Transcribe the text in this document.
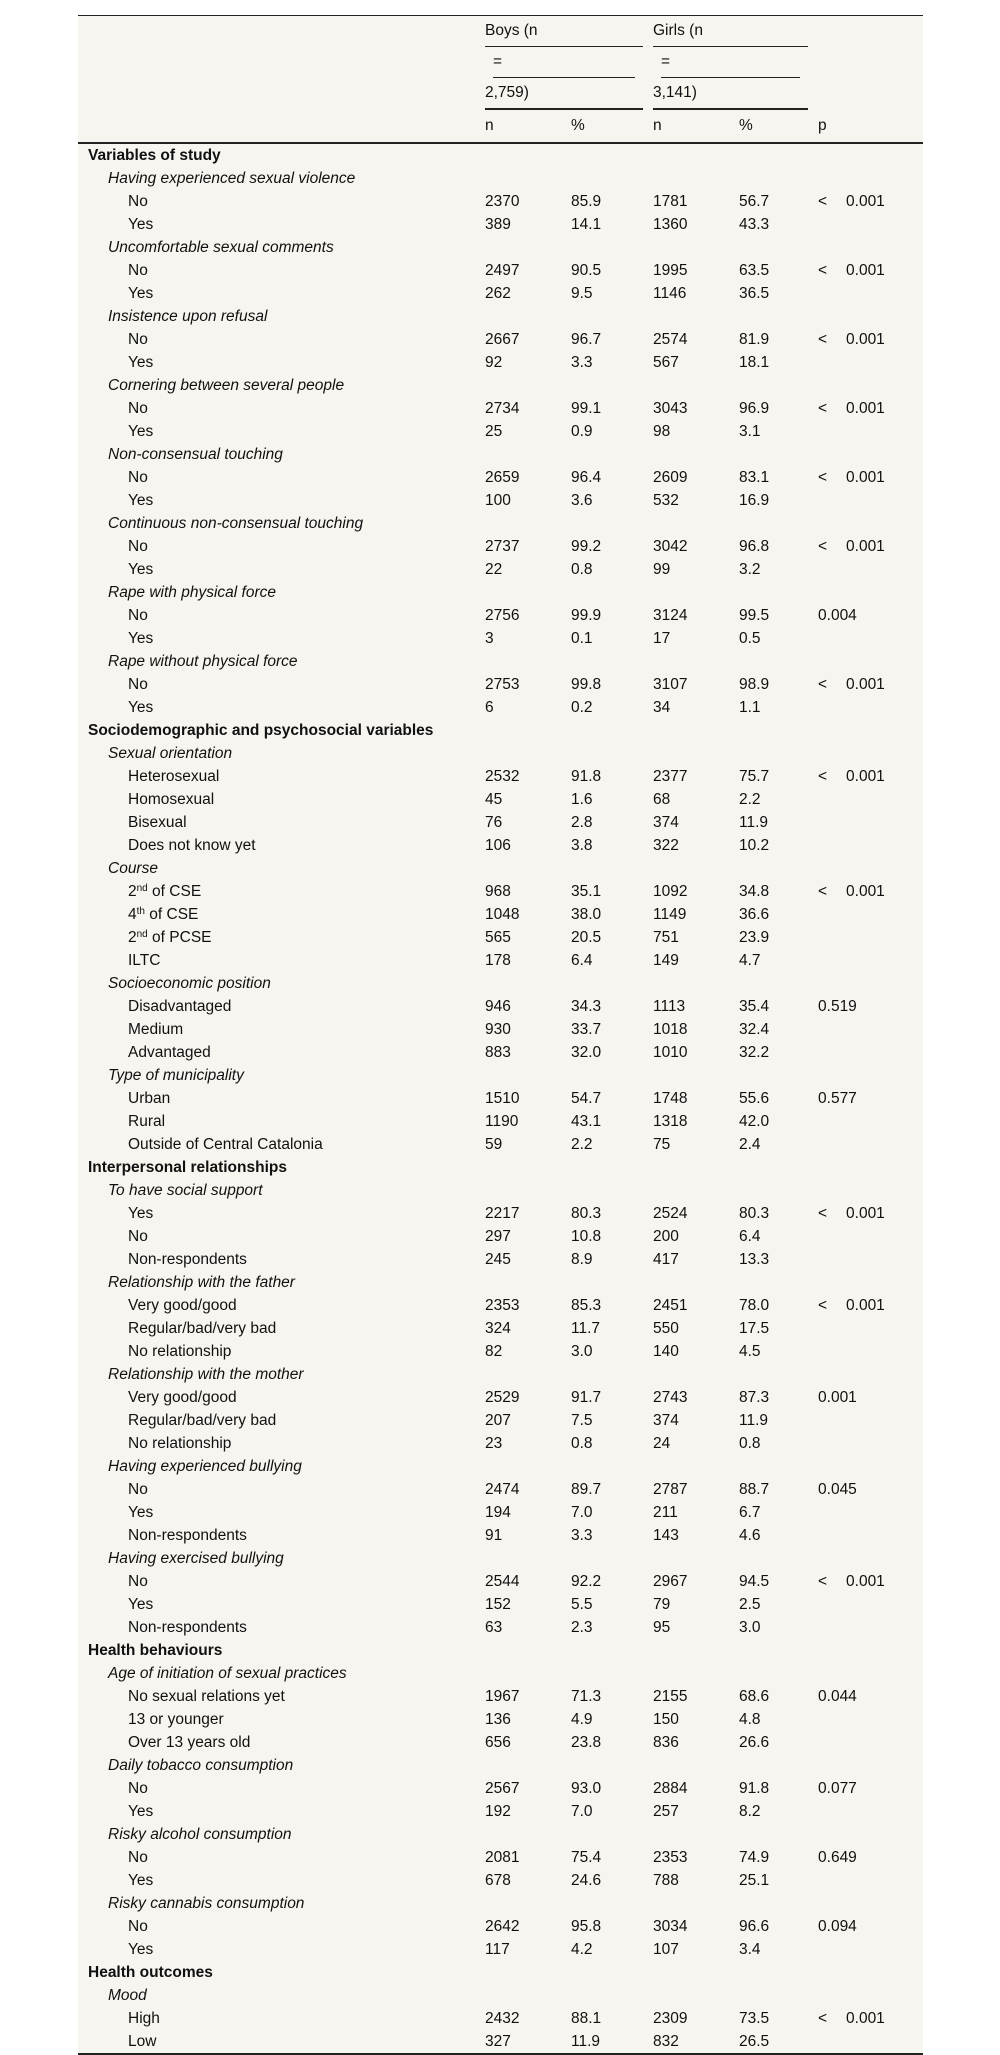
	Boys (n
=
2,759)		Girls (n
=
3,141)		

	n	%	n	%	p
Variables of study					
Having experienced sexual violence					
No	2370	85.9	1781	56.7	< 0.001
Yes	389	14.1	1360	43.3	
Uncomfortable sexual comments					
No	2497	90.5	1995	63.5	< 0.001
Yes	262	9.5	1146	36.5	
Insistence upon refusal					
No	2667	96.7	2574	81.9	< 0.001
Yes	92	3.3	567	18.1	
Cornering between several people					
No	2734	99.1	3043	96.9	< 0.001
Yes	25	0.9	98	3.1	
Non-consensual touching					
No	2659	96.4	2609	83.1	< 0.001
Yes	100	3.6	532	16.9	
Continuous non-consensual touching					
No	2737	99.2	3042	96.8	< 0.001
Yes	22	0.8	99	3.2	
Rape with physical force					
No	2756	99.9	3124	99.5	0.004
Yes	3	0.1	17	0.5	
Rape without physical force					
No	2753	99.8	3107	98.9	< 0.001
Yes	6	0.2	34	1.1	
Sociodemographic and psychosocial variables					
Sexual orientation					
Heterosexual	2532	91.8	2377	75.7	< 0.001
Homosexual	45	1.6	68	2.2	
Bisexual	76	2.8	374	11.9	
Does not know yet	106	3.8	322	10.2	
Course					
2nd of CSE	968	35.1	1092	34.8	< 0.001
4th of CSE	1048	38.0	1149	36.6	
2nd of PCSE	565	20.5	751	23.9	
ILTC	178	6.4	149	4.7	
Socioeconomic position					
Disadvantaged	946	34.3	1113	35.4	0.519
Medium	930	33.7	1018	32.4	
Advantaged	883	32.0	1010	32.2	
Type of municipality					
Urban	1510	54.7	1748	55.6	0.577
Rural	1190	43.1	1318	42.0	
Outside of Central Catalonia	59	2.2	75	2.4	
Interpersonal relationships					
To have social support					
Yes	2217	80.3	2524	80.3	< 0.001
No	297	10.8	200	6.4	
Non-respondents	245	8.9	417	13.3	
Relationship with the father					
Very good/good	2353	85.3	2451	78.0	< 0.001
Regular/bad/very bad	324	11.7	550	17.5	
No relationship	82	3.0	140	4.5	
Relationship with the mother					
Very good/good	2529	91.7	2743	87.3	0.001
Regular/bad/very bad	207	7.5	374	11.9	
No relationship	23	0.8	24	0.8	
Having experienced bullying					
No	2474	89.7	2787	88.7	0.045
Yes	194	7.0	211	6.7	
Non-respondents	91	3.3	143	4.6	
Having exercised bullying					
No	2544	92.2	2967	94.5	< 0.001
Yes	152	5.5	79	2.5	
Non-respondents	63	2.3	95	3.0	
Health behaviours					
Age of initiation of sexual practices					
No sexual relations yet	1967	71.3	2155	68.6	0.044
13 or younger	136	4.9	150	4.8	
Over 13 years old	656	23.8	836	26.6	
Daily tobacco consumption					
No	2567	93.0	2884	91.8	0.077
Yes	192	7.0	257	8.2	
Risky alcohol consumption					
No	2081	75.4	2353	74.9	0.649
Yes	678	24.6	788	25.1	
Risky cannabis consumption					
No	2642	95.8	3034	96.6	0.094
Yes	117	4.2	107	3.4	
Health outcomes					
Mood					
High	2432	88.1	2309	73.5	< 0.001
Low	327	11.9	832	26.5	
